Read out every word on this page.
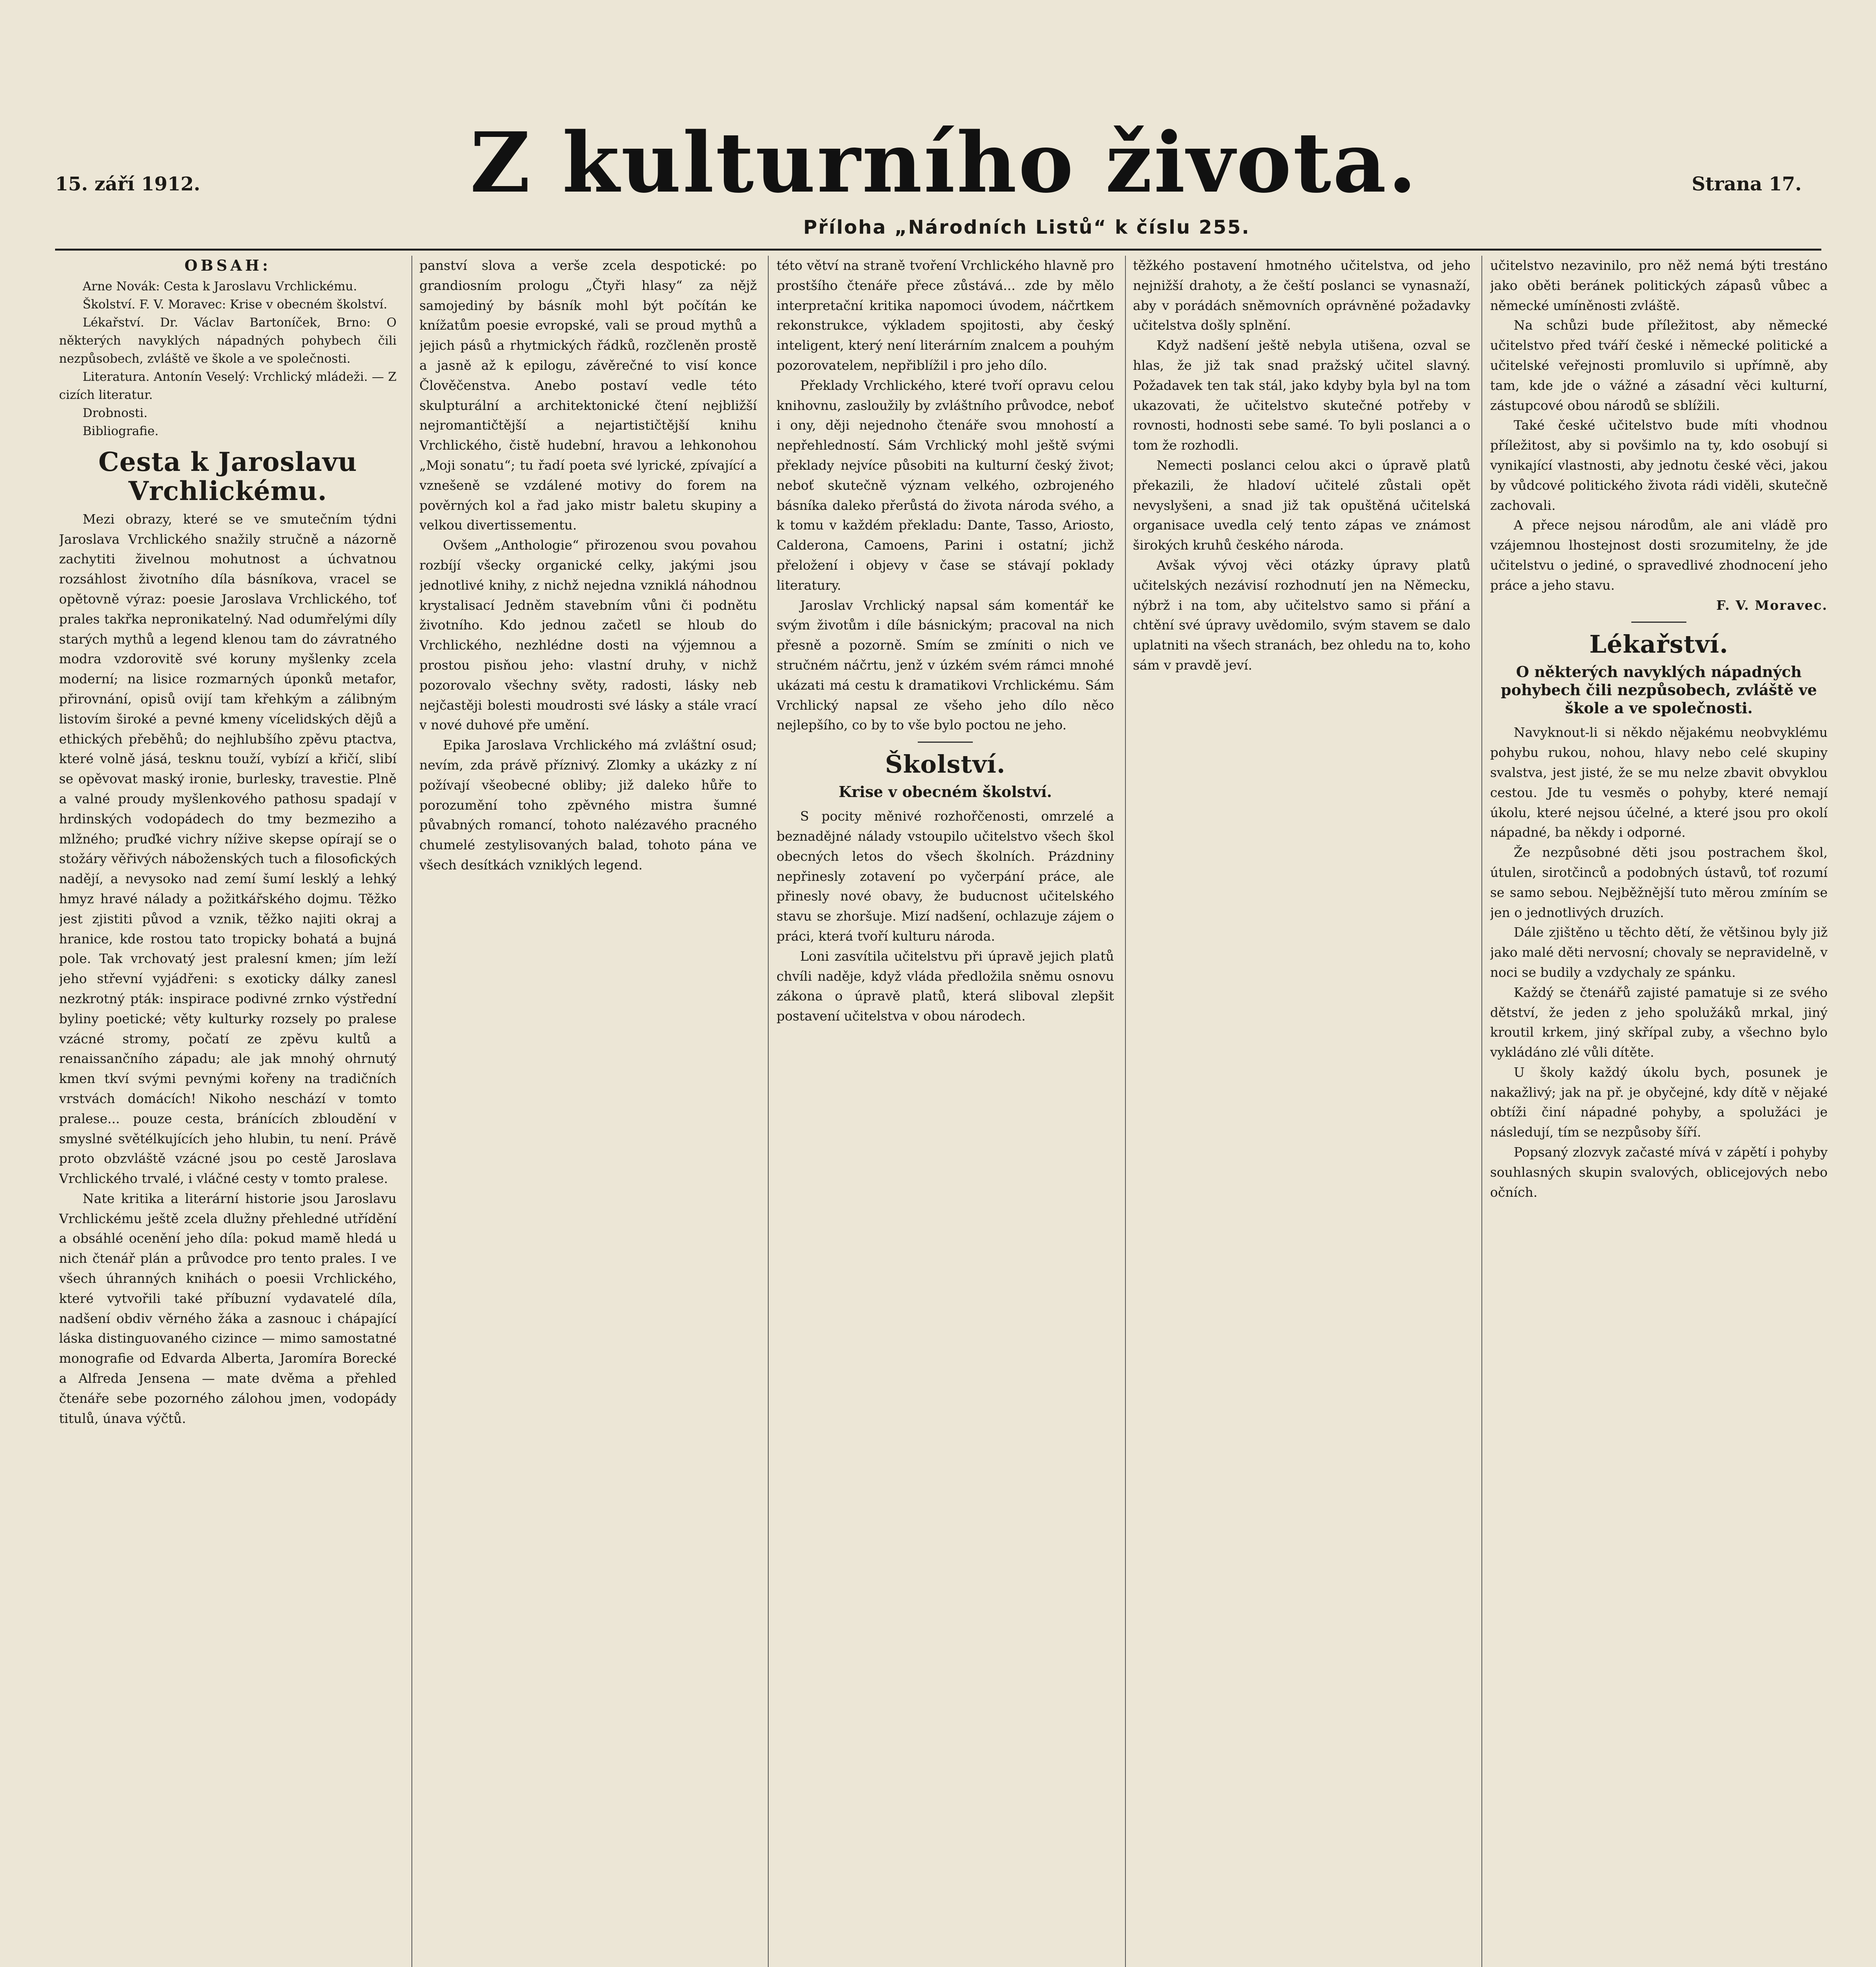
15. září 1912.	Z kulturního života.
Příloha „Národních Listů“ k číslu 255.
Strana 17.
OBSAH:

Arne Novák: Cesta k Jaroslavu Vrchlickému.

Školství. F. V. Moravec: Krise v obecném školství.

Lékařství. Dr. Václav Bartoníček, Brno: O některých navyklých nápadných pohybech čili nezpůsobech, zvláště ve škole a ve společnosti.

Literatura. Antonín Veselý: Vrchlický mládeži. — Z cizích literatur.

Drobnosti.

Bibliografie.

Cesta k Jaroslavu Vrchlickému.

Mezi obrazy, které se ve smutečním týdni Jaroslava Vrchlického snažily stručně a názorně zachytiti živelnou mohutnost a úchvatnou rozsáhlost životního díla básníkova, vracel se opětovně výraz: poesie Jaroslava Vrchlického, toť prales takřka nepronikatelný. Nad odumřelými díly starých mythů a legend klenou tam do závratného modra vzdorovitě své koruny myšlenky zcela moderní; na lisice rozmarných úponků metafor, přirovnání, opisů ovijí tam křehkým a zálibným listovím široké a pevné kmeny vícelidských dějů a ethických přeběhů; do nejhlubšího zpěvu ptactva, které volně jásá, tesknu touží, vybízí a křičí, slibí se opěvovat maský ironie, burlesky, travestie. Plně a valné proudy myšlenkového pathosu spadají v hrdinských vodopádech do tmy bezmeziho a mlžného; pruďké vichry nížive skepse opírají se o stožáry věřivých náboženských tuch a filosofických nadějí, a nevysoko nad zemí šumí lesklý a lehký hmyz hravé nálady a požitkářského dojmu. Těžko jest zjistiti původ a vznik, těžko najiti okraj a hranice, kde rostou tato tropicky bohatá a bujná pole. Tak vrchovatý jest pralesní kmen; jím leží jeho střevní vyjádřeni: s exoticky dálky zanesl nezkrotný pták: inspirace podivné zrnko výstřední byliny poetické; věty kulturky rozsely po pralese vzácné stromy, počatí ze zpěvu kultů a renaissančního západu; ale jak mnohý ohrnutý kmen tkví svými pevnými kořeny na tradičních vrstvách domácích! Nikoho neschází v tomto pralese... pouze cesta, bránících zbloudění v smyslné světélkujících jeho hlubin, tu není. Právě proto obzvláště vzácné jsou po cestě Jaroslava Vrchlického trvalé, i vláčné cesty v tomto pralese.

Nate kritika a literární historie jsou Jaroslavu Vrchlickému ještě zcela dlužny přehledné utřídění a obsáhlé ocenění jeho díla: pokud mamě hledá u nich čtenář plán a průvodce pro tento prales. I ve všech úhranných knihách o poesii Vrchlického, které vytvořili také příbuzní vydavatelé díla, nadšení obdiv věrného žáka a zasnouc i chápající láska distinguovaného cizince — mimo samostatné monografie od Edvarda Alberta, Jaromíra Borecké a Alfreda Jensena — mate dvěma a přehled čtenáře sebe pozorného zálohou jmen, vodopády titulů, únava výčtů.

panství slova a verše zcela despotické: po grandiosním prologu „Čtyři hlasy“ za nějž samojediný by básník mohl být počítán ke knížatům poesie evropské, vali se proud mythů a jejich pásů a rhytmických řádků, rozčleněn prostě a jasně až k epilogu, závěrečné to visí konce Člověčenstva. Anebo postaví vedle této skulpturální a architektonické čtení nejbližší nejromantičtější a nejartističtější knihu Vrchlického, čistě hudební, hravou a lehkonohou „Moji sonatu“; tu řadí poeta své lyrické, zpívající a vznešeně se vzdálené motivy do forem na pověrných kol a řad jako mistr baletu skupiny a velkou divertissementu.

Ovšem „Anthologie“ přirozenou svou povahou rozbíjí všecky organické celky, jakými jsou jednotlivé knihy, z nichž nejedna vzniklá náhodnou krystalisací Jedněm stavebním vůni či podnětu životního. Kdo jednou začetl se hloub do Vrchlického, nezhlédne dosti na výjemnou a prostou pisňou jeho: vlastní druhy, v nichž pozorovalo všechny světy, radosti, lásky neb nejčastěji bolesti moudrosti své lásky a stále vrací v nové duhové pře umění.

Epika Jaroslava Vrchlického má zvláštní osud; nevím, zda právě příznivý. Zlomky a ukázky z ní požívají všeobecné obliby; již daleko hůře to porozumění toho zpěvného mistra šumné půvabných romancí, tohoto nalézavého pracného chumelé zestylisovaných balad, tohoto pána ve všech desítkách vzniklých legend.

této větví na straně tvoření Vrchlického hlavně pro prostšího čtenáře přece zůstává... zde by mělo interpretační kritika napomoci úvodem, náčrtkem rekonstrukce, výkladem spojitosti, aby český inteligent, který není literárním znalcem a pouhým pozorovatelem, nepřiblížil i pro jeho dílo.

Překlady Vrchlického, které tvoří opravu celou knihovnu, zasloužily by zvláštního průvodce, neboť i ony, ději nejednoho čtenáře svou mnohostí a nepřehledností. Sám Vrchlický mohl ještě svými překlady nejvíce působiti na kulturní český život; neboť skutečně význam velkého, ozbrojeného básníka daleko přerůstá do života národa svého, a k tomu v každém překladu: Dante, Tasso, Ariosto, Calderona, Camoens, Parini i ostatní; jichž přeložení i objevy v čase se stávají poklady literatury.

Jaroslav Vrchlický napsal sám komentář ke svým životům i díle básnickým; pracoval na nich přesně a pozorně. Smím se zmíniti o nich ve stručném náčrtu, jenž v úzkém svém rámci mnohé ukázati má cestu k dramatikovi Vrchlickému. Sám Vrchlický napsal ze všeho jeho dílo něco nejlepšího, co by to vše bylo poctou ne jeho.

Školství.
Krise v obecném školství.

S pocity měnivé rozhořčenosti, omrzelé a beznadějné nálady vstoupilo učitelstvo všech škol obecných letos do všech školních. Prázdniny nepřinesly zotavení po vyčerpání práce, ale přinesly nové obavy, že buducnost učitelského stavu se zhoršuje. Mizí nadšení, ochlazuje zájem o práci, která tvoří kulturu národa.

Loni zasvítila učitelstvu při úpravě jejich platů chvíli naděje, když vláda předložila sněmu osnovu zákona o úpravě platů, která sliboval zlepšit postavení učitelstva v obou národech.

těžkého postavení hmotného učitelstva, od jeho nejnižší drahoty, a že čeští poslanci se vynasnaží, aby v porádách sněmovních oprávněné požadavky učitelstva došly splnění.

Když nadšení ještě nebyla utišena, ozval se hlas, že již tak snad pražský učitel slavný. Požadavek ten tak stál, jako kdyby byla byl na tom ukazovati, že učitelstvo skutečné potřeby v rovnosti, hodnosti sebe samé. To byli poslanci a o tom že rozhodli.

Nemecti poslanci celou akci o úpravě platů překazili, že hladoví učitelé zůstali opět nevyslyšeni, a snad již tak opuštěná učitelská organisace uvedla celý tento zápas ve známost širokých kruhů českého národa.

Avšak vývoj věci otázky úpravy platů učitelských nezávisí rozhodnutí jen na Německu, nýbrž i na tom, aby učitelstvo samo si přání a chtění své úpravy uvědomilo, svým stavem se dalo uplatniti na všech stranách, bez ohledu na to, koho sám v pravdě jeví.

učitelstvo nezavinilo, pro něž nemá býti trestáno jako oběti beránek politických zápasů vůbec a německé umíněnosti zvláště.

Na schůzi bude příležitost, aby německé učitelstvo před tváří české i německé politické a učitelské veřejnosti promluvilo si upřímně, aby tam, kde jde o vážné a zásadní věci kulturní, zástupcové obou národů se sblížili.

Také české učitelstvo bude míti vhodnou příležitost, aby si povšimlo na ty, kdo osobují si vynikající vlastnosti, aby jednotu české věci, jakou by vůdcové politického života rádi viděli, skutečně zachovali.

A přece nejsou národům, ale ani vládě pro vzájemnou lhostejnost dosti srozumitelny, že jde učitelstvu o jediné, o spravedlivé zhodnocení jeho práce a jeho stavu.

F. V. Moravec.

Lékařství.
O některých navyklých nápadných pohybech čili nezpůsobech, zvláště ve škole a ve společnosti.

Navyknout-li si někdo nějakému neobvyklému pohybu rukou, nohou, hlavy nebo celé skupiny svalstva, jest jisté, že se mu nelze zbavit obvyklou cestou. Jde tu vesměs o pohyby, které nemají úkolu, které nejsou účelné, a které jsou pro okolí nápadné, ba někdy i odporné.

Že nezpůsobné děti jsou postrachem škol, útulen, sirotčinců a podobných ústavů, toť rozumí se samo sebou. Nejběžnější tuto měrou zmíním se jen o jednotlivých druzích.

Dále zjištěno u těchto dětí, že většinou byly již jako malé děti nervosní; chovaly se nepravidelně, v noci se budily a vzdychaly ze spánku.

Každý se čtenářů zajisté pamatuje si ze svého dětství, že jeden z jeho spolužáků mrkal, jiný kroutil krkem, jiný skřípal zuby, a všechno bylo vykládáno zlé vůli dítěte.

U školy každý úkolu bych, posunek je nakažlivý; jak na př. je obyčejné, kdy dítě v nějaké obtíži činí nápadné pohyby, a spolužáci je následují, tím se nezpůsoby šíří.

Popsaný zlozvyk začasté mívá v zápětí i pohyby souhlasných skupin svalových, oblicejových nebo očních.
